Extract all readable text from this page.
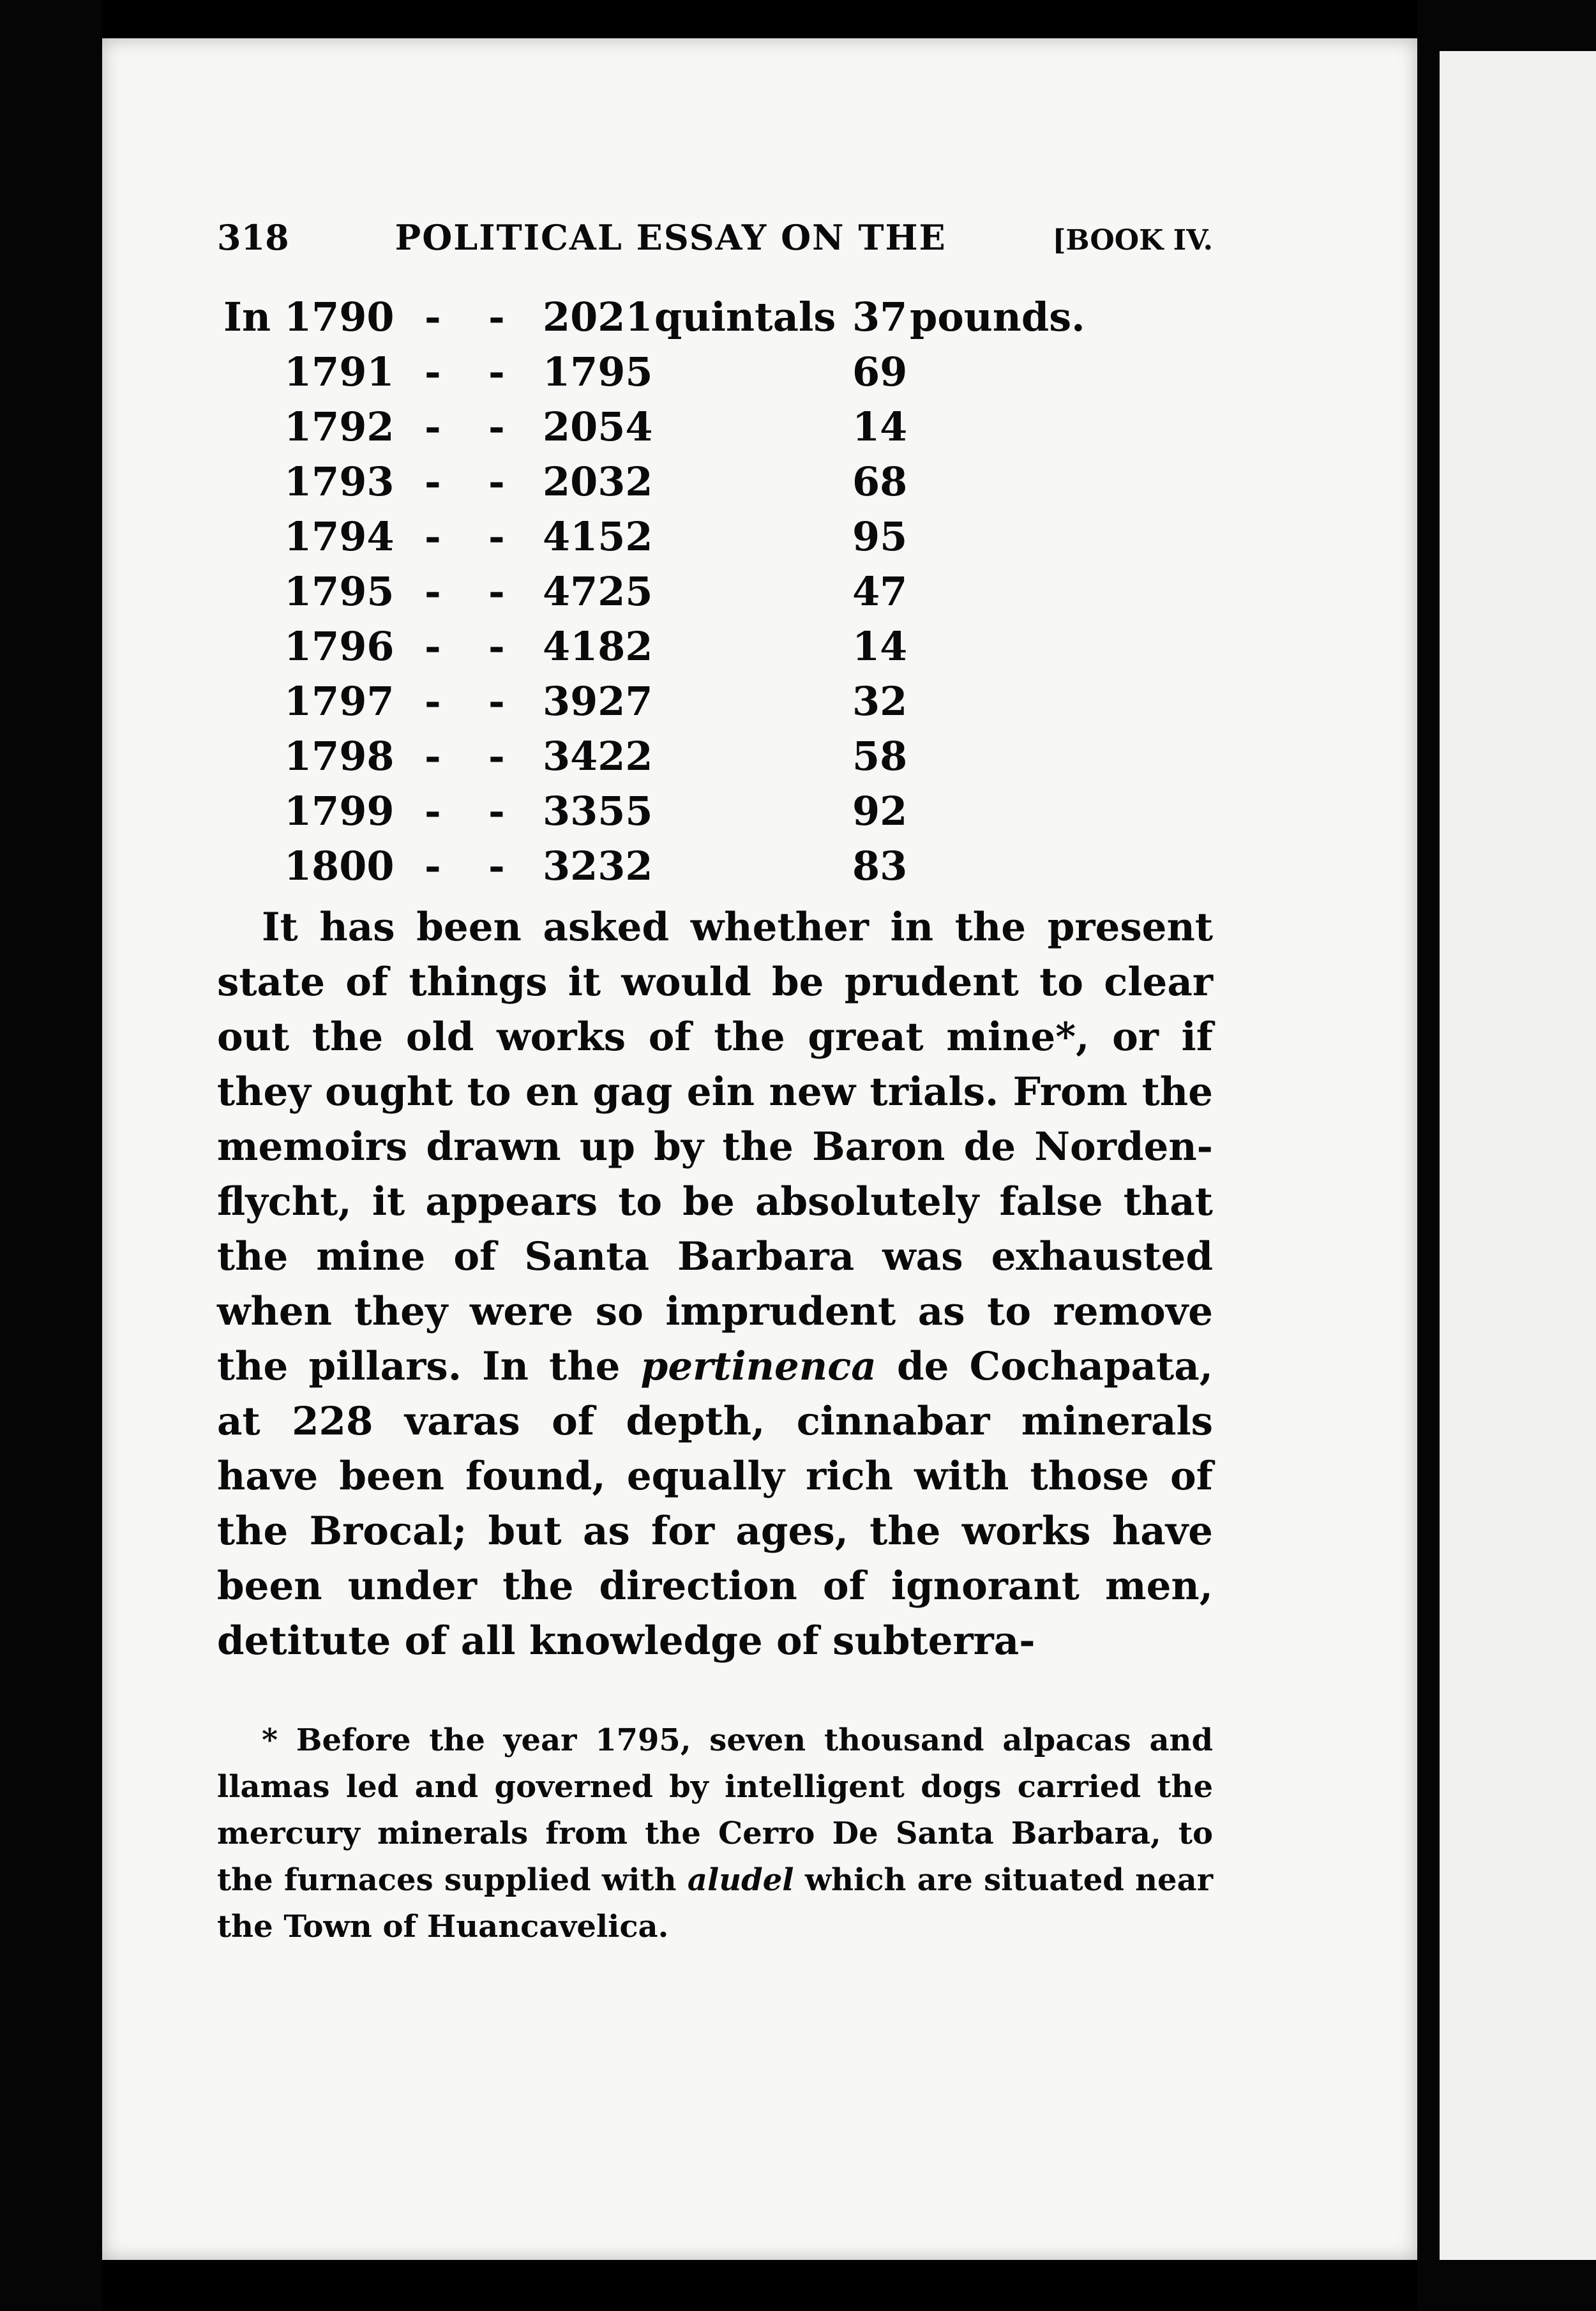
318	POLITICAL ESSAY ON THE	[BOOK IV.
In 1790 - - 2021 quintals 37 pounds.
1791 - - 1795	69
1792 - - 2054	14
1793 - - 2032	68
1794 - - 4152	95
1795 - - 4725	47
1796 - - 4182	14
1797 - - 3927	32
1798 - - 3422	58
1799 - - 3355	92
1800 - - 3232	83

It has been asked whether in the present state of things it would be prudent to clear out the old works of the great mine*, or if they ought to en gag ein new trials. From the memoirs drawn up by the Baron de Norden-flycht, it appears to be absolutely false that the mine of Santa Barbara was exhausted when they were so imprudent as to remove the pillars. In the pertinenca de Cochapata, at 228 varas of depth, cinnabar minerals have been found, equally rich with those of the Brocal; but as for ages, the works have been under the direction of ignorant men, detitute of all knowledge of subterra-

* Before the year 1795, seven thousand alpacas and llamas led and governed by intelligent dogs carried the mercury minerals from the Cerro De Santa Barbara, to the furnaces supplied with aludel which are situated near the Town of Huancavelica.
